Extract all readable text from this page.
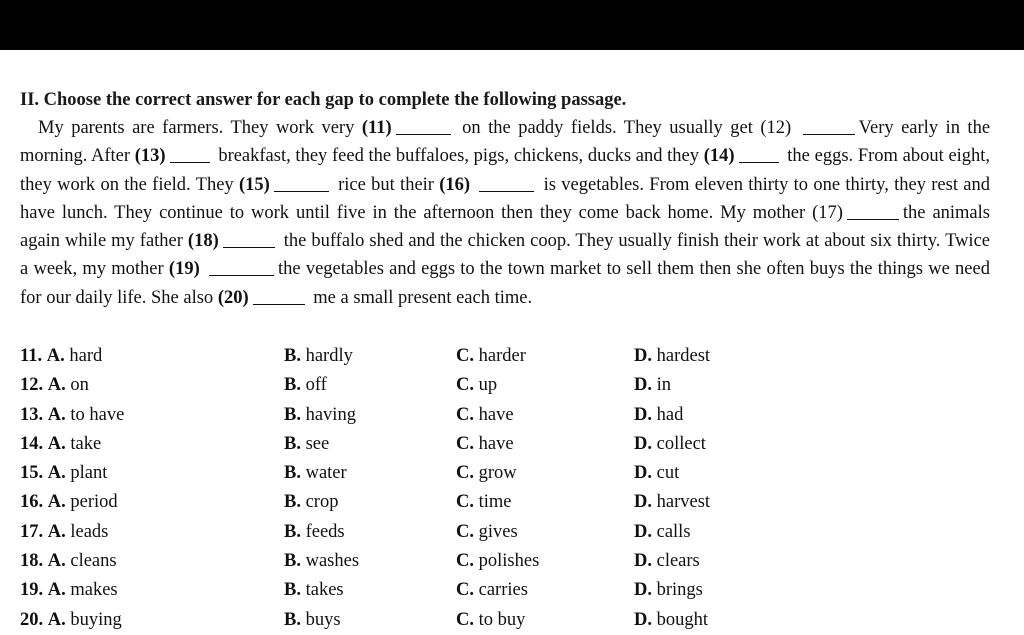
II. Choose the correct answer for each gap to complete the following passage.
My parents are farmers. They work very (11)	on the paddy fields. They usually get (12)	Very early in the morning. After (13)	breakfast, they feed the buffaloes, pigs, chickens, ducks and they (14)	the eggs. From about eight, they work on the field. They (15)	rice but their (16)	is vegetables. From eleven thirty to one thirty, they rest and have lunch. They continue to work until five in the afternoon then they come back home. My mother (17)	the animals again while my father (18)	the buffalo shed and the chicken coop. They usually finish their work at about six thirty. Twice a week, my mother (19)	the vegetables and eggs to the town market to sell them then she often buys the things we need for our daily life. She also (20)	me a small present each time.
11. A. hard	B. hardly	C. harder	D. hardest
12. A. on	B. off	C. up	D. in
13. A. to have	B. having	C. have	D. had
14. A. take	B. see	C. have	D. collect
15. A. plant	B. water	C. grow	D. cut
16. A. period	B. crop	C. time	D. harvest
17. A. leads	B. feeds	C. gives	D. calls
18. A. cleans	B. washes	C. polishes	D. clears
19. A. makes	B. takes	C. carries	D. brings
20. A. buying	B. buys	C. to buy	D. bought
